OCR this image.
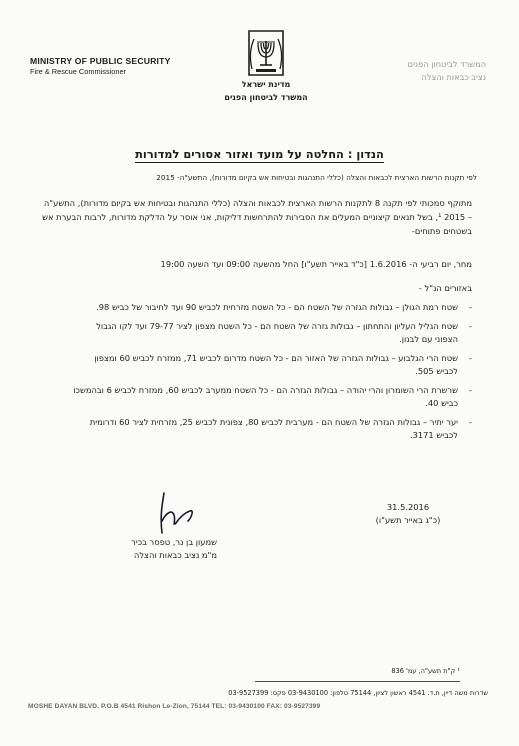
MINISTRY OF PUBLIC SECURITY
Fire & Rescue Commissioner
מדינת ישראל
המשרד לביטחון הפנים
המשרד לביטחון הפנים
נציב כבאות והצלה
הנדון : החלטה על מועד ואזור אסורים למדורות
לפי תקנות הרשות הארצית לכבאות והצלה (כללי התנהגות ובטיחות אש בקיום מדורות), התשע"ה- 2015
מתוקף סמכותי לפי תקנה 8 לתקנות הרשות הארצית לכבאות והצלה (כללי התנהגות ובטיחות אש בקיום מדורות), התשע"ה – 2015 ¹, בשל תנאים קיצוניים המעלים את הסבירות להתרחשות דליקות, אני אוסר על הדלקת מדורות, לרבות הבערת אש בשטחים פתוחים-
מחר, יום רביעי ה- 1.6.2016 [כ"ד באייר תשע"ו] החל מהשעה 09:00 ועד השעה 19:00
באזורים הנ"ל -
-
שטח רמת הגולן – גבולות הגזרה של השטח הם - כל השטח מזרחית לכביש 90 ועד לחיבור של כביש 98.
-
שטח הגליל העליון והתחתון – גבולות גזרה של השטח הם - כל השטח מצפון לציר 79-77 ועד לקו הגבול הצפוני עם לבנון.
-
שטח הרי הגלבוע – גבולות הגזרה של האזור הם - כל השטח מדרום לכביש 71, ממזרח לכביש 60 ומצפון לכביש 505.
-
שרשרת הרי השומרון והרי יהודה – גבולות הגזרה הם - כל השטח ממערב לכביש 60, ממזרח לכביש 6 ובהמשכו כביש 40.
-
יער יתיר – גבולות הגזרה של השטח הם - מערבית לכביש 80, צפונית לכביש 25, מזרחית לציר 60 ודרומית לכביש 3171.
31.5.2016
(כ"ג באייר תשע"ו)
שמעון בן נר, טפסר בכיר
מ"מ נציב כבאות והצלה
¹ ק"ת תשע"ה, עמ' 836
שדרות משה דיין, ת.ד. 4541 ראשון לציון, 75144 טלפון: 03-9430100 פקס: 03-9527399
MOSHE DAYAN BLVD. P.O.B 4541 Rishon Le-Zion, 75144 TEL: 03-9430100 FAX: 03-9527399
